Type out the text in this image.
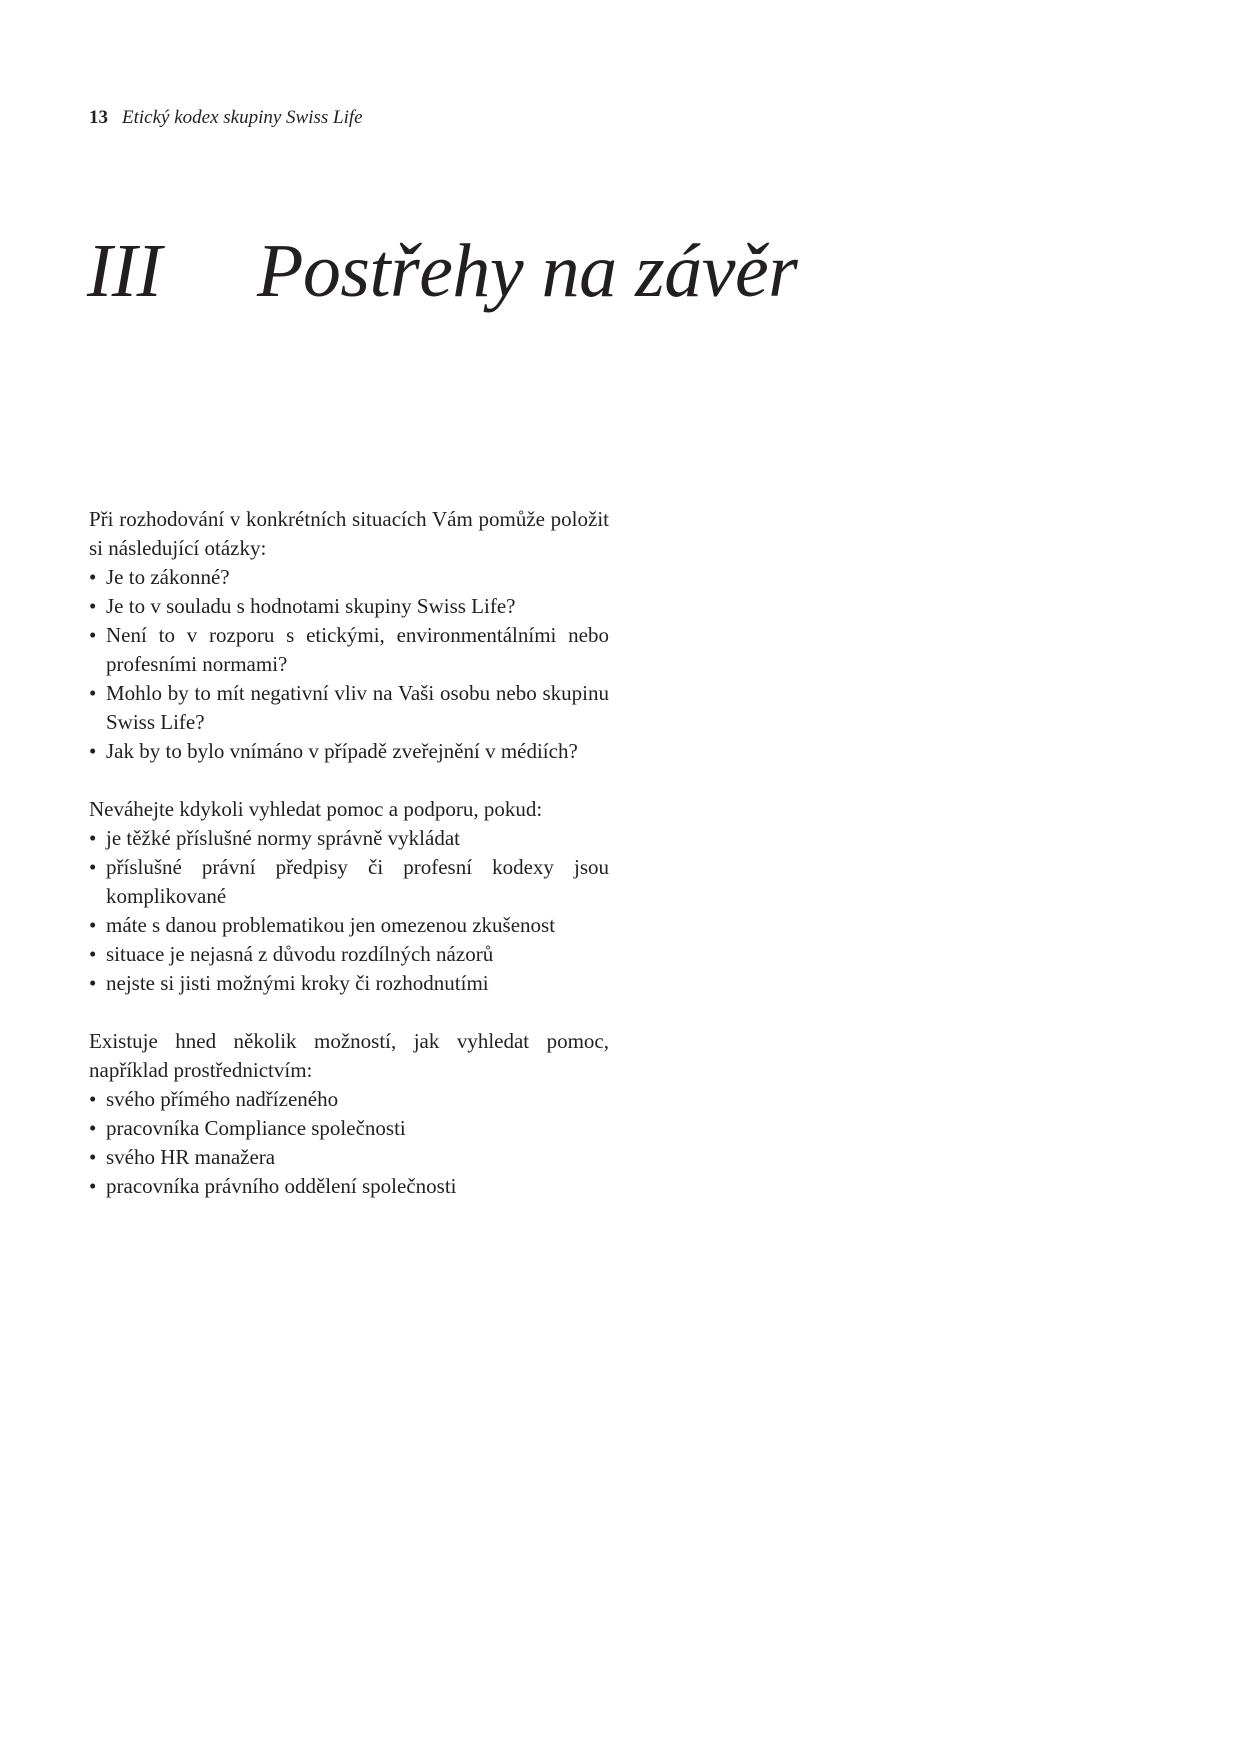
13 Etický kodex skupiny Swiss Life
III Postřehy na závěr

Při rozhodování v konkrétních situacích Vám pomůže položit si následující otázky:

• Je to zákonné?
• Je to v souladu s hodnotami skupiny Swiss Life?
• Není to v rozporu s etickými, environmentálními nebo profesními normami?
• Mohlo by to mít negativní vliv na Vaši osobu nebo skupinu Swiss Life?
• Jak by to bylo vnímáno v případě zveřejnění v médiích?

Neváhejte kdykoli vyhledat pomoc a podporu, pokud:

• je těžké příslušné normy správně vykládat
• příslušné právní předpisy či profesní kodexy jsou komplikované
• máte s danou problematikou jen omezenou zkušenost
• situace je nejasná z důvodu rozdílných názorů
• nejste si jisti možnými kroky či rozhodnutími

Existuje hned několik možností, jak vyhledat pomoc, například prostřednictvím:

• svého přímého nadřízeného
• pracovníka Compliance společnosti
• svého HR manažera
• pracovníka právního oddělení společnosti
